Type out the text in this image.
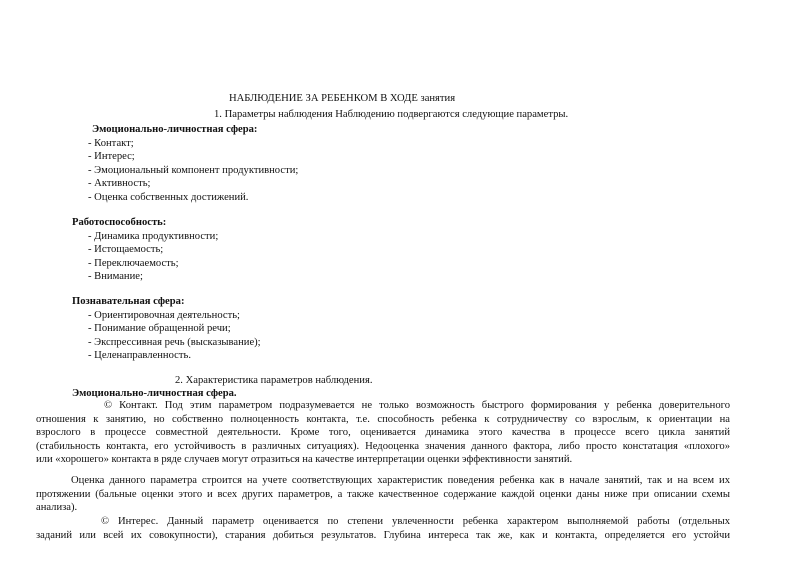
НАБЛЮДЕНИЕ ЗА РЕБЕНКОМ В ХОДЕ занятия
1. Параметры наблюдения Наблюдению подвергаются следующие параметры.
Эмоционально-личностная сфера:
- Контакт;
- Интерес;
- Эмоциональный компонент продуктивности;
- Активность;
- Оценка собственных достижений.
Работоспособность:
- Динамика продуктивности;
- Истощаемость;
- Переключаемость;
- Внимание;
Познавательная сфера:
- Ориентировочная деятельность;
- Понимание обращенной речи;
- Экспрессивная речь (высказывание);
- Целенаправленность.
2. Характеристика параметров наблюдения.
Эмоционально-личностная сфера.
© Контакт. Под этим параметром подразумевается не только возможность быстрого формирования у ребенка доверительного
отношения к занятию, но собственно полноценность контакта, т.е. способность ребенка к сотрудничеству со взрослым, к ориентации на
взрослого в процессе совместной деятельности. Кроме того, оценивается динамика этого качества в процессе всего цикла занятий
(стабильность контакта, его устойчивость в различных ситуациях). Недооценка значения данного фактора, либо просто констатация «плохого»
или «хорошего» контакта в ряде случаев могут отразиться на качестве интерпретации оценки эффективности занятий.
Оценка данного параметра строится на учете соответствующих характеристик поведения ребенка как в начале занятий, так и на всем их
протяжении (бальные оценки этого и всех других параметров, а также качественное содержание каждой оценки даны ниже при описании схемы
анализа).
© Интерес. Данный параметр оценивается по степени увлеченности ребенка характером выполняемой работы (отдельных
заданий или всей их совокупности), старания добиться результатов. Глубина интереса так же, как и контакта, определяется его устойчи
